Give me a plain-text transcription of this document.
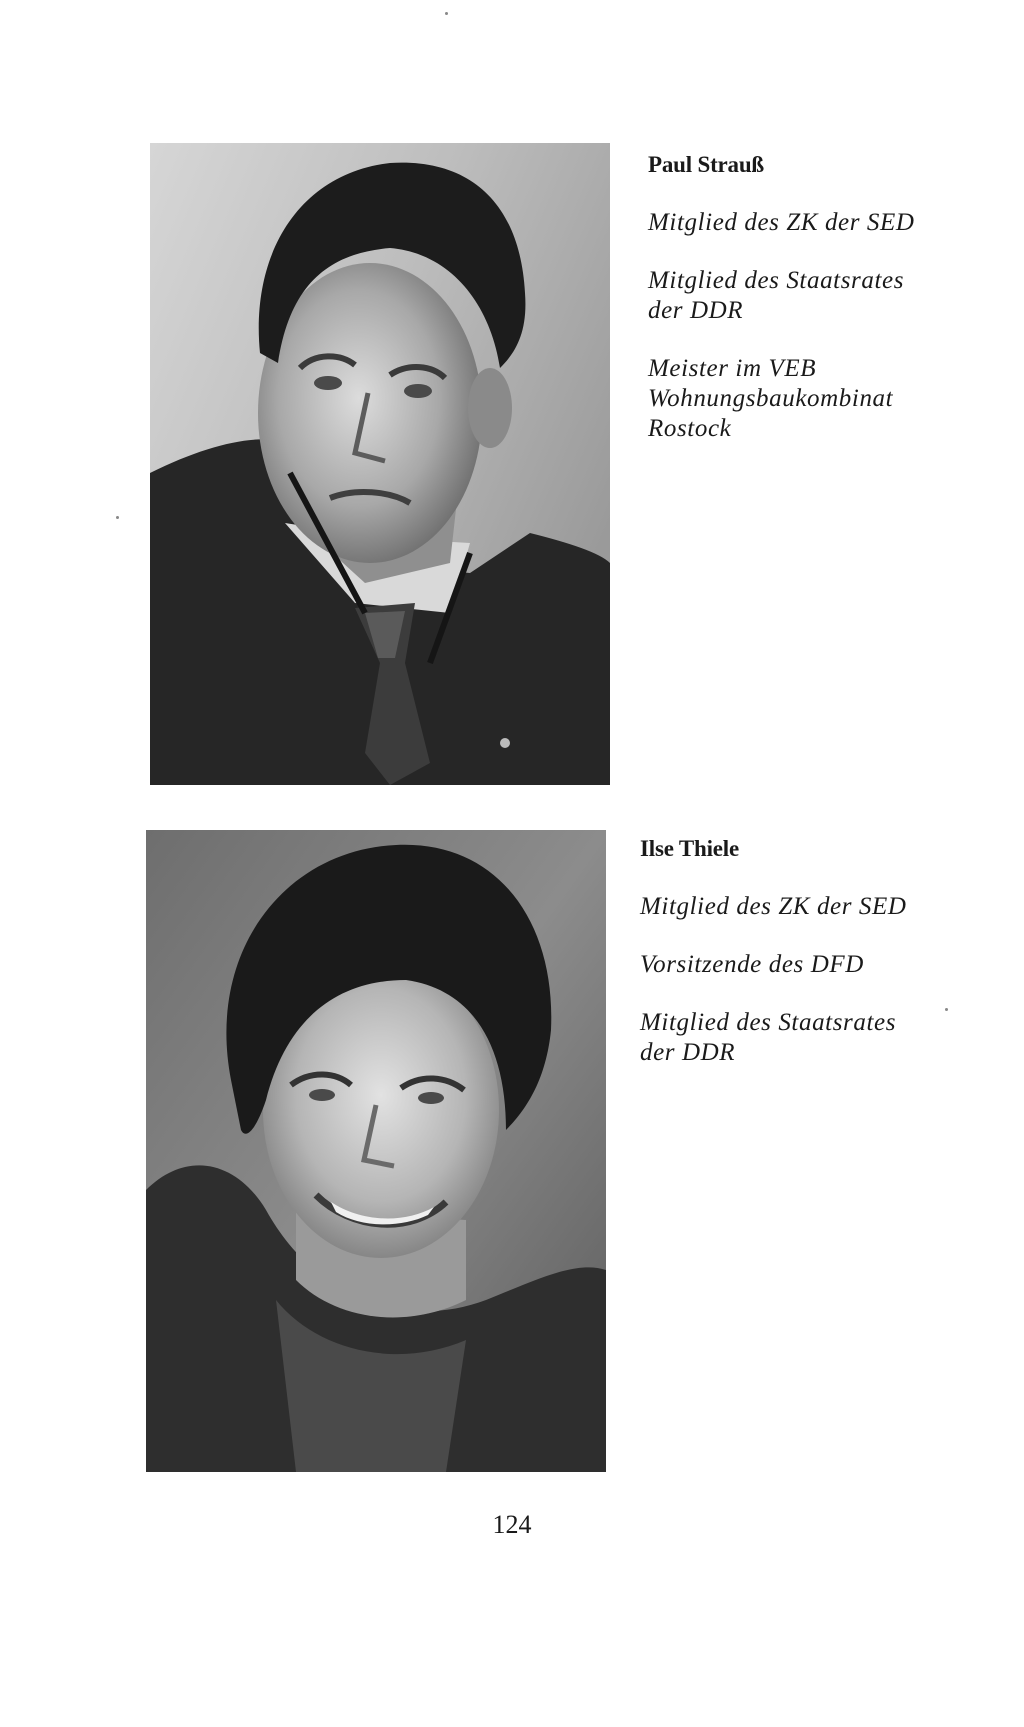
Paul Strauß
Mitglied des ZK der SED
Mitglied des Staatsrates
der DDR
Meister im VEB
Wohnungsbaukombinat
Rostock
Ilse Thiele
Mitglied des ZK der SED
Vorsitzende des DFD
Mitglied des Staatsrates
der DDR
124
